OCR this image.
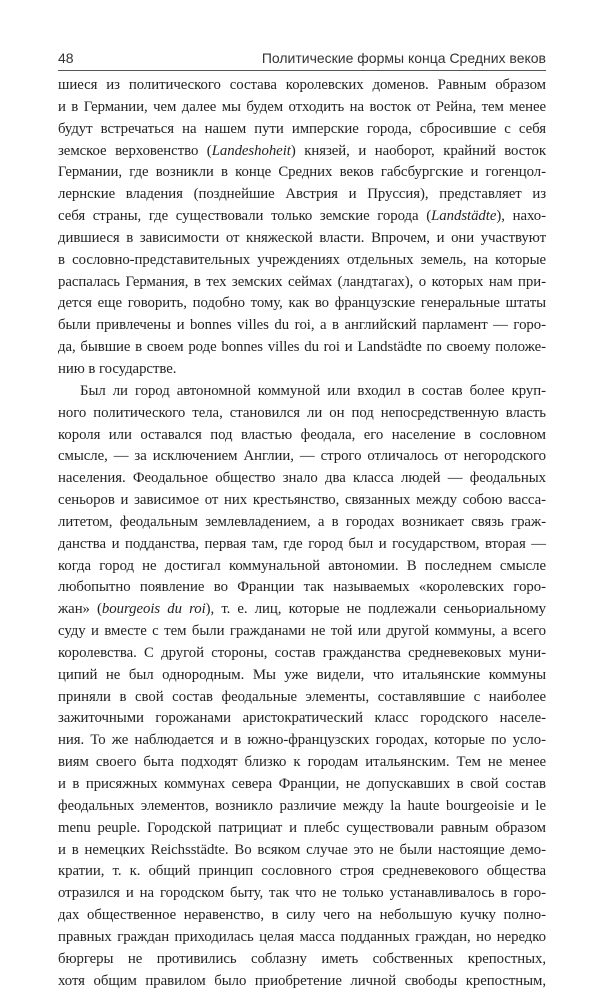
48	Политические формы конца Средних веков
шиеся из политического состава королевских доменов. Равным образом
и в Германии, чем далее мы будем отходить на восток от Рейна, тем менее
будут встречаться на нашем пути имперские города, сбросившие с себя
земское верховенство (Landeshoheit) князей, и наоборот, крайний восток
Германии, где возникли в конце Средних веков габсбургские и гогенцол-
лернские владения (позднейшие Австрия и Пруссия), представляет из
себя страны, где существовали только земские города (Landstädte), нахо-
дившиеся в зависимости от княжеской власти. Впрочем, и они участвуют
в сословно-представительных учреждениях отдельных земель, на которые
распалась Германия, в тех земских сеймах (ландтагах), о которых нам при-
дется еще говорить, подобно тому, как во французские генеральные штаты
были привлечены и bonnes villes du roi, а в английский парламент — горо-
да, бывшие в своем роде bonnes villes du roi и Landstädte по своему положе-
нию в государстве.
Был ли город автономной коммуной или входил в состав более круп-
ного политического тела, становился ли он под непосредственную власть
короля или оставался под властью феодала, его население в сословном
смысле, — за исключением Англии, — строго отличалось от негородского
населения. Феодальное общество знало два класса людей — феодальных
сеньоров и зависимое от них крестьянство, связанных между собою васса-
литетом, феодальным землевладением, а в городах возникает связь граж-
данства и подданства, первая там, где город был и государством, вторая —
когда город не достигал коммунальной автономии. В последнем смысле
любопытно появление во Франции так называемых «королевских горо-
жан» (bourgeois du roi), т. е. лиц, которые не подлежали сеньориальному
суду и вместе с тем были гражданами не той или другой коммуны, а всего
королевства. С другой стороны, состав гражданства средневековых муни-
ципий не был однородным. Мы уже видели, что итальянские коммуны
приняли в свой состав феодальные элементы, составлявшие с наиболее
зажиточными горожанами аристократический класс городского населе-
ния. То же наблюдается и в южно-французских городах, которые по усло-
виям своего быта подходят близко к городам итальянским. Тем не менее
и в присяжных коммунах севера Франции, не допускавших в свой состав
феодальных элементов, возникло различие между la haute bourgeoisie и le
menu peuple. Городской патрициат и плебс существовали равным образом
и в немецких Reichsstädte. Во всяком случае это не были настоящие демо-
кратии, т. к. общий принцип сословного строя средневекового общества
отразился и на городском быту, так что не только устанавливалось в горо-
дах общественное неравенство, в силу чего на небольшую кучку полно-
правных граждан приходилась целая масса подданных граждан, но нередко
бюргеры не противились соблазну иметь собственных крепостных,
хотя общим правилом было приобретение личной свободы крепостным,
